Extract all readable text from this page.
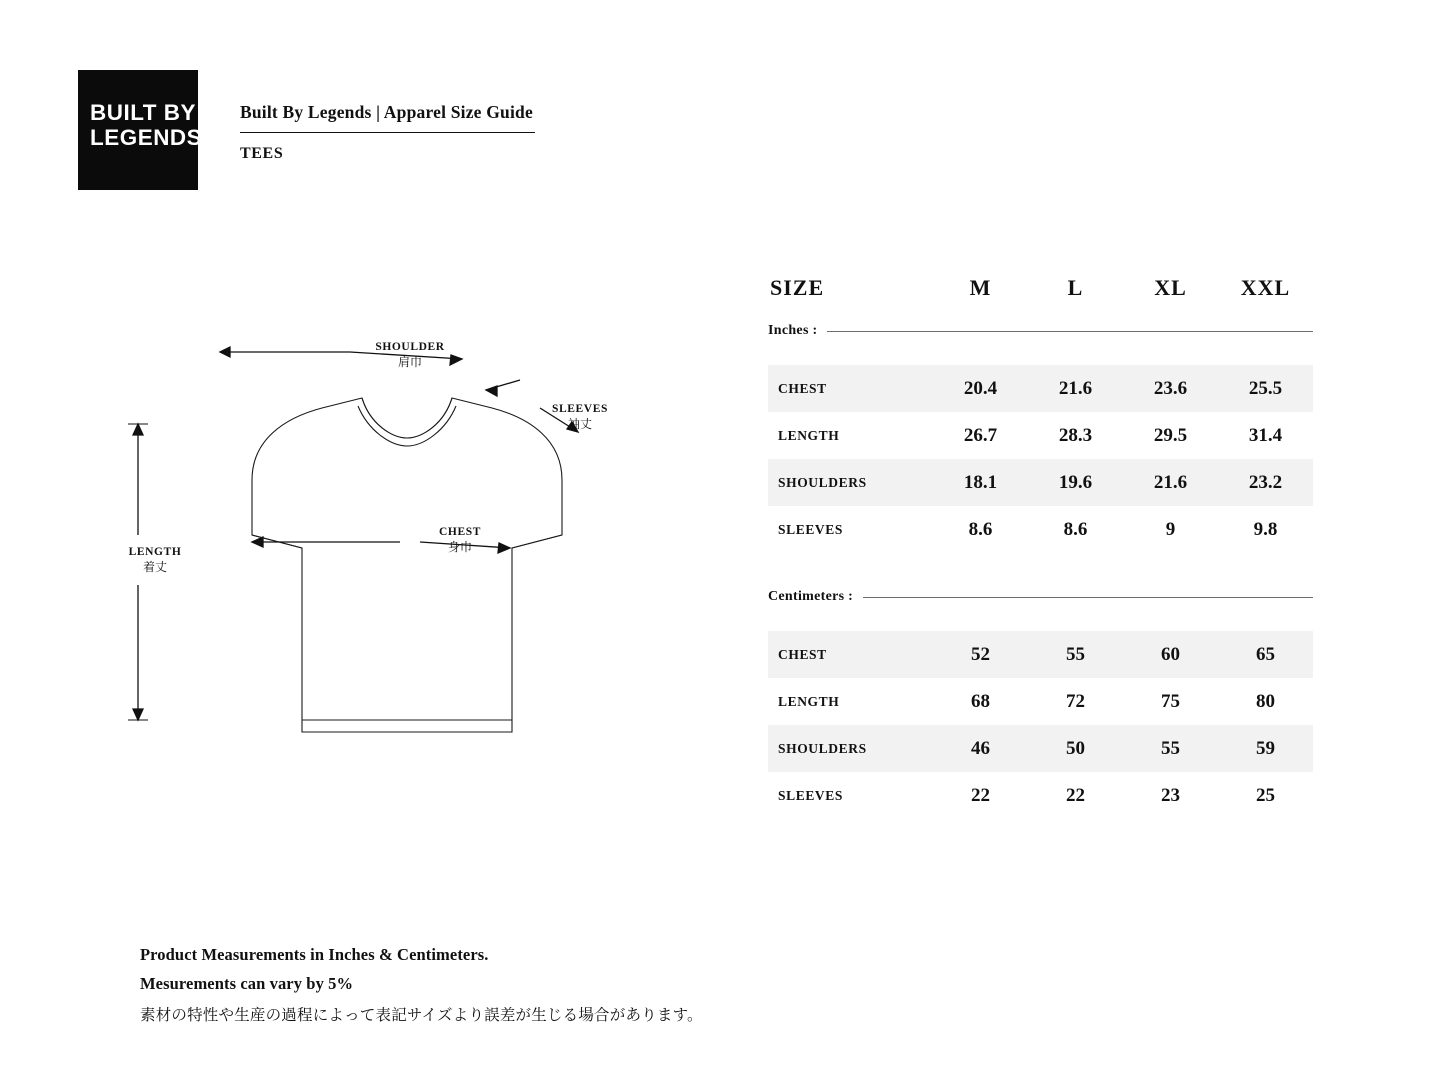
BUILT BY
LEGENDS
Built By Legends | Apparel Size Guide
TEES
SHOULDER
肩巾
SLEEVES
袖丈
CHEST
身巾
LENGTH
着丈
SIZE	M	L	XL	XXL

Inches :				

CHEST	20.4	21.6	23.6	25.5
LENGTH	26.7	28.3	29.5	31.4
SHOULDERS	18.1	19.6	21.6	23.2
SLEEVES	8.6	8.6	9	9.8

Centimeters :				

CHEST	52	55	60	65
LENGTH	68	72	75	80
SHOULDERS	46	50	55	59
SLEEVES	22	22	23	25
Product Measurements in Inches & Centimeters.
Mesurements can vary by 5%
素材の特性や生産の過程によって表記サイズより誤差が生じる場合があります。
